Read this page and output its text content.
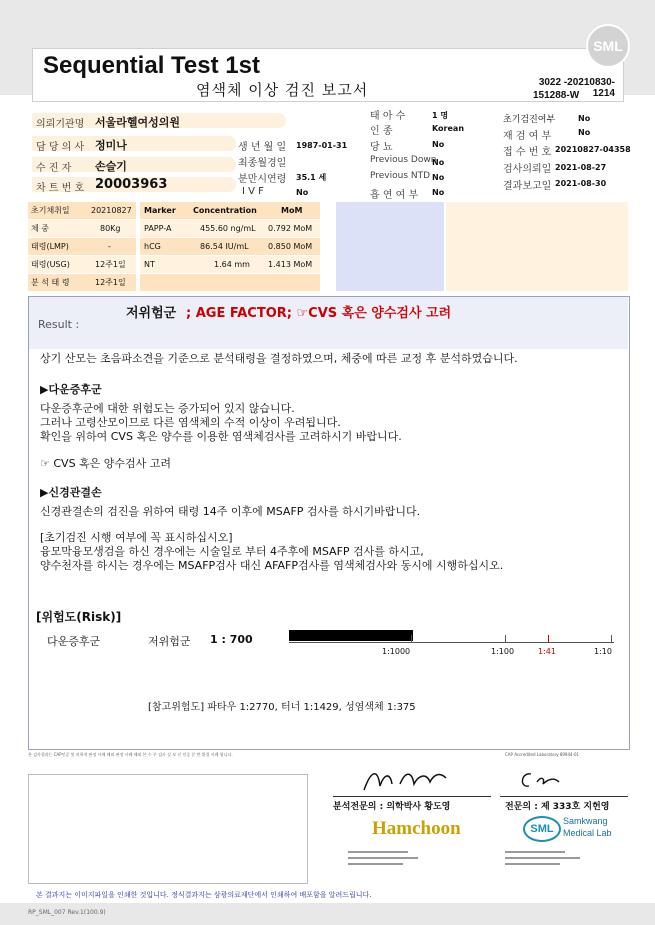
Sequential Test 1st
염색체 이상 검진 보고서	3022 -20210830-1214
151288-W
SML
의뢰기관명 서울라헬여성의원
담 당 의 사 정미나
수 진 자 손슬기
차 트 번 호 20003963
생 년 월 일 1987-01-31
최종월경일
분만시연령 35.1 세
I V F	No
태 아 수	1 명
인 종	Korean
당 뇨	No
Previous Down
No
Previous NTD No
흡 연 여 부 No
초기검진여부	No
재 검 여 부	No
접 수 번 호 20210827-04358
검사의뢰일 2021-08-27
결과보고일 2021-08-30
초기채취일	20210827
체 중	80Kg
태령(LMP)	-
태령(USG)	12주1일
분 석 태 령	12주1일
Marker Concentration	MoM
PAPP-A	455.60 ng/mL 0.792 MoM
hCG	86.54 IU/mL 0.850 MoM
NT	1.64 mm 1.413 MoM
Result :
저위험군 ; AGE FACTOR; ☞CVS 혹은 양수검사 고려
상기 산모는 초음파소견을 기준으로 분석태령을 결정하였으며, 체중에 따른 교정 후 분석하였습니다.
▶다운증후군
다운증후군에 대한 위험도는 증가되어 있지 않습니다.
그러나 고령산모이므로 다른 염색체의 수적 이상이 우려됩니다.
확인을 위하여 CVS 혹은 양수를 이용한 염색체검사를 고려하시기 바랍니다.
☞ CVS 혹은 양수검사 고려
▶신경관결손
신경관결손의 검진을 위하여 태령 14주 이후에 MSAFP 검사를 하시기바랍니다.
[초기검진 시행 여부에 꼭 표시하십시오]
융모막융모생검을 하신 경우에는 시술일로 부터 4주후에 MSAFP 검사를 하시고,
양수천자를 하시는 경우에는 MSAFP검사 대신 AFAFP검사를 염색체검사와 동시에 시행하십시오.
[위험도(Risk)]
다운증후군	저위험군 1 : 700
1:1000	1:100	1:41	1:10
[참고위험도] 파타우 1:2770, 터너 1:1429, 성염색체 1:375
본 검사결과는 CAP인증 및 의학적 판정 사례 해외 판정 사례 해외 본 수 주 검사 실 보 신 인증 문 반 환경 사례 합니다.	CAP Accredited Laboratory 89944-01
분석전문의 : 의학박사 황도영	전문의 : 제 333호 지헌영
Hamchoon	SML
Samkwang
Medical Lab
본 결과지는 이미지파일을 인쇄한 것입니다. 정식결과지는 삼광의료재단에서 인쇄하여 배포함을 알려드립니다.
RP_SML_007 Rev.1(100.9)
